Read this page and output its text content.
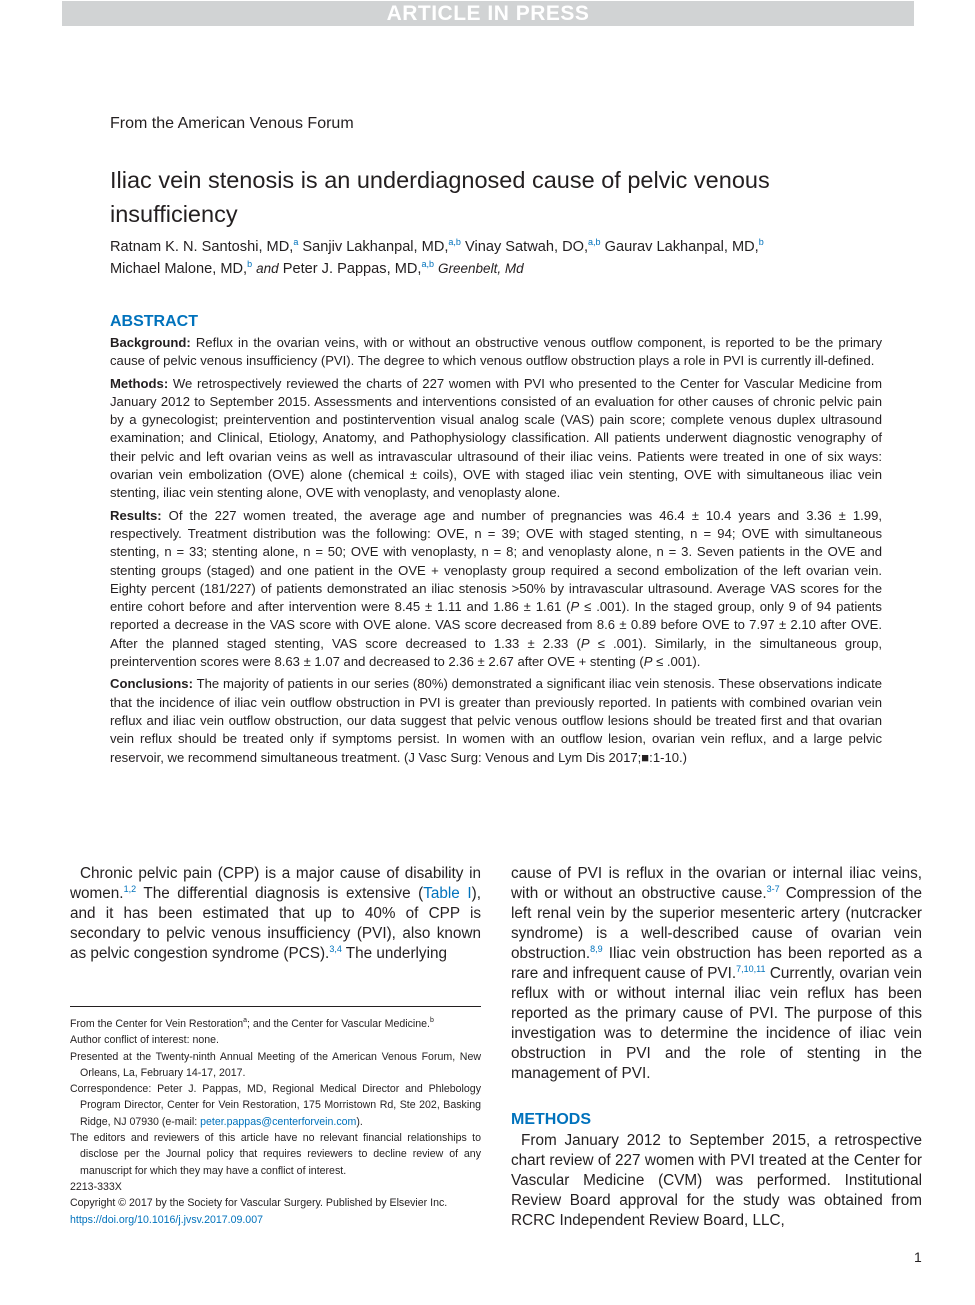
ARTICLE IN PRESS
From the American Venous Forum
Iliac vein stenosis is an underdiagnosed cause of pelvic venous insufficiency
Ratnam K. N. Santoshi, MD,$^a$ Sanjiv Lakhanpal, MD,$^{a,b}$ Vinay Satwah, DO,$^{a,b}$ Gaurav Lakhanpal, MD,$^b$
Michael Malone, MD,$^b$ and Peter J. Pappas, MD,$^{a,b}$ Greenbelt, Md
ABSTRACT

Background: Reflux in the ovarian veins, with or without an obstructive venous outflow component, is reported to be the primary cause of pelvic venous insufficiency (PVI). The degree to which venous outflow obstruction plays a role in PVI is currently ill-defined.

Methods: We retrospectively reviewed the charts of 227 women with PVI who presented to the Center for Vascular Medicine from January 2012 to September 2015. Assessments and interventions consisted of an evaluation for other causes of chronic pelvic pain by a gynecologist; preintervention and postintervention visual analog scale (VAS) pain score; complete venous duplex ultrasound examination; and Clinical, Etiology, Anatomy, and Pathophysiology classification. All patients underwent diagnostic venography of their pelvic and left ovarian veins as well as intravascular ultrasound of their iliac veins. Patients were treated in one of six ways: ovarian vein embolization (OVE) alone (chemical ± coils), OVE with staged iliac vein stenting, OVE with simultaneous iliac vein stenting, iliac vein stenting alone, OVE with venoplasty, and venoplasty alone.

Results: Of the 227 women treated, the average age and number of pregnancies was 46.4 ± 10.4 years and 3.36 ± 1.99, respectively. Treatment distribution was the following: OVE, n = 39; OVE with staged stenting, n = 94; OVE with simultaneous stenting, n = 33; stenting alone, n = 50; OVE with venoplasty, n = 8; and venoplasty alone, n = 3. Seven patients in the OVE and stenting groups (staged) and one patient in the OVE + venoplasty group required a second embolization of the left ovarian vein. Eighty percent (181/227) of patients demonstrated an iliac stenosis >50% by intravascular ultrasound. Average VAS scores for the entire cohort before and after intervention were 8.45 ± 1.11 and 1.86 ± 1.61 (P ≤ .001). In the staged group, only 9 of 94 patients reported a decrease in the VAS score with OVE alone. VAS score decreased from 8.6 ± 0.89 before OVE to 7.97 ± 2.10 after OVE. After the planned staged stenting, VAS score decreased to 1.33 ± 2.33 (P ≤ .001). Similarly, in the simultaneous group, preintervention scores were 8.63 ± 1.07 and decreased to 2.36 ± 2.67 after OVE + stenting (P ≤ .001).

Conclusions: The majority of patients in our series (80%) demonstrated a significant iliac vein stenosis. These observations indicate that the incidence of iliac vein outflow obstruction in PVI is greater than previously reported. In patients with combined ovarian vein reflux and iliac vein outflow obstruction, our data suggest that pelvic venous outflow lesions should be treated first and that ovarian vein reflux should be treated only if symptoms persist. In women with an outflow lesion, ovarian vein reflux, and a large pelvic reservoir, we recommend simultaneous treatment. (J Vasc Surg: Venous and Lym Dis 2017;■:1-10.)

Chronic pelvic pain (CPP) is a major cause of disability in women.$^{1,2}$ The differential diagnosis is extensive (Table I), and it has been estimated that up to 40% of CPP is secondary to pelvic venous insufficiency (PVI), also known as pelvic congestion syndrome (PCS).$^{3,4}$ The underlying

cause of PVI is reflux in the ovarian or internal iliac veins, with or without an obstructive cause.$^{3-7}$ Compression of the left renal vein by the superior mesenteric artery (nutcracker syndrome) is a well-described cause of ovarian vein obstruction.$^{8,9}$ Iliac vein obstruction has been reported as a rare and infrequent cause of PVI.$^{7,10,11}$ Currently, ovarian vein reflux with or without internal iliac vein reflux has been reported as the primary cause of PVI. The purpose of this investigation was to determine the incidence of iliac vein obstruction in PVI and the role of stenting in the management of PVI.

METHODS

From January 2012 to September 2015, a retrospective chart review of 227 women with PVI treated at the Center for Vascular Medicine (CVM) was performed. Institutional Review Board approval for the study was obtained from RCRC Independent Review Board, LLC,

From the Center for Vein Restoration$^a$; and the Center for Vascular Medicine.$^b$

Author conflict of interest: none.

Presented at the Twenty-ninth Annual Meeting of the American Venous Forum, New Orleans, La, February 14-17, 2017.

Correspondence: Peter J. Pappas, MD, Regional Medical Director and Phlebology Program Director, Center for Vein Restoration, 175 Morristown Rd, Ste 202, Basking Ridge, NJ 07930 (e-mail: peter.pappas@centerforvein.com).

The editors and reviewers of this article have no relevant financial relationships to disclose per the Journal policy that requires reviewers to decline review of any manuscript for which they may have a conflict of interest.

2213-333X

Copyright © 2017 by the Society for Vascular Surgery. Published by Elsevier Inc.

https://doi.org/10.1016/j.jvsv.2017.09.007

1
